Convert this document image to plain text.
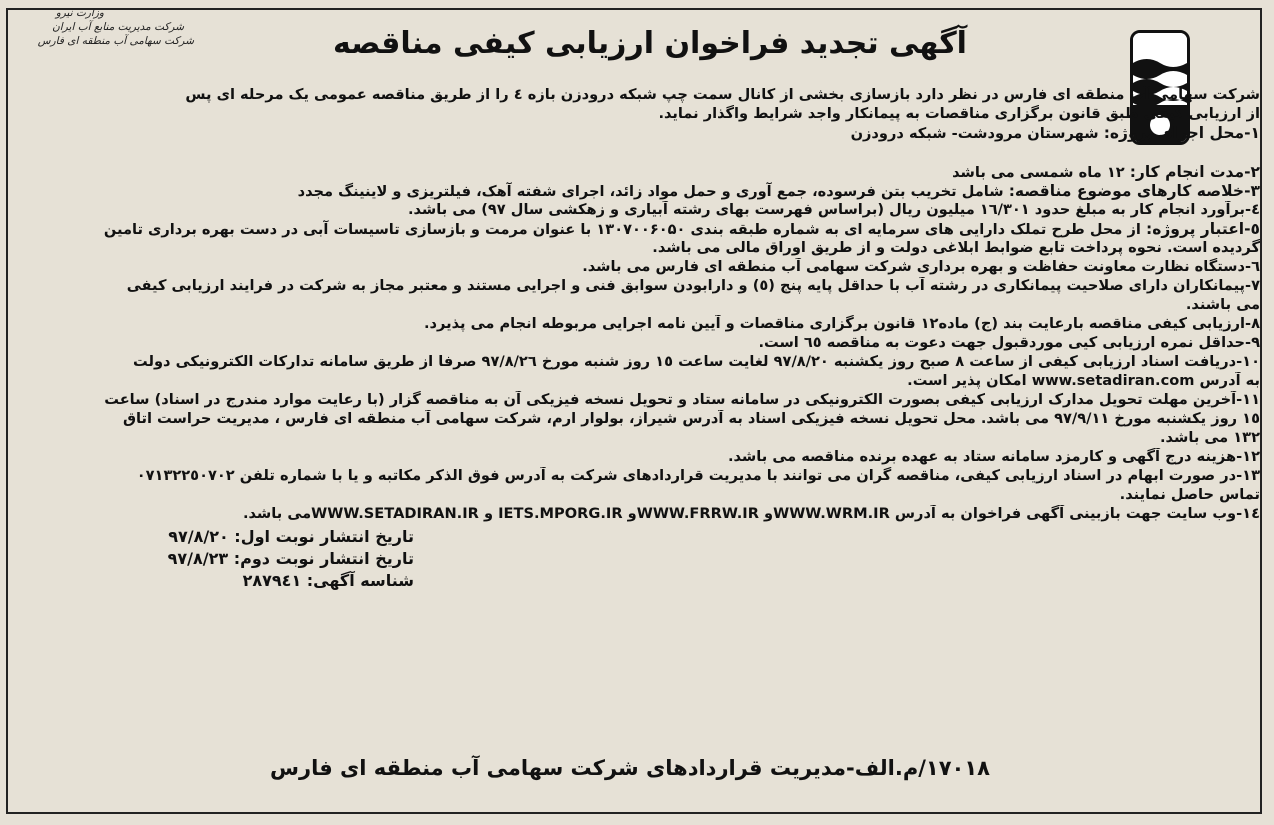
وزارت نیرو
شرکت مدیریت منابع آب ایران
شرکت سهامی آب منطقه ای فارس	آگهی تجدید فراخوان ارزیابی کیفی مناقصه
شرکت سهامی آب منطقه ای فارس در نظر دارد بازسازی بخشی از کانال سمت چپ شبکه درودزن بازه ٤ را از طریق مناقصه عمومی یک مرحله ای پس
از ارزیابی کیفی طبق قانون برگزاری مناقصات به پیمانکار واجد شرایط واگذار نماید.
۱-محل اجرای پروژه: شهرستان مرودشت- شبکه درودزن
۲-مدت انجام کار: ۱۲ ماه شمسی می باشد
۳-خلاصه کارهای موضوع مناقصه: شامل تخریب بتن فرسوده، جمع آوری و حمل مواد زائد، اجرای شفته آهک، فیلتریزی و لاینینگ مجدد
٤-برآورد انجام کار به مبلغ حدود ۱٦/۳۰۱ میلیون ریال (براساس فهرست بهای رشته آبیاری و زهکشی سال ۹۷) می باشد.
٥-اعتبار پروژه: از محل طرح تملک دارایی های سرمایه ای به شماره طبقه بندی ۱۳۰۷۰۰۶۰۵۰ با عنوان مرمت و بازسازی تاسیسات آبی در دست بهره برداری تامین
گردیده است. نحوه پرداخت تابع ضوابط ابلاغی دولت و از طریق اوراق مالی می باشد.
٦-دستگاه نظارت معاونت حفاظت و بهره برداری شرکت سهامی آب منطقه ای فارس می باشد.
۷-پیمانکاران دارای صلاحیت پیمانکاری در رشته آب با حداقل پایه پنج (٥) و دارابودن سوابق فنی و اجرایی مستند و معتبر مجاز به شرکت در فرایند ارزیابی کیفی
می باشند.
۸-ارزیابی کیفی مناقصه بارعایت بند (ج) ماده۱۲ قانون برگزاری مناقصات و آیین نامه اجرایی مربوطه انجام می پذیرد.
۹-حداقل نمره ارزیابی کیی موردقبول جهت دعوت به مناقصه ٦٥ است.
۱۰-دریافت اسناد ارزیابی کیفی از ساعت ۸ صبح روز یکشنبه ۹۷/۸/۲۰ لغایت ساعت ۱٥ روز شنبه مورخ ۹۷/۸/۲٦ صرفا از طریق سامانه تدارکات الکترونیکی دولت
به آدرس www.setadiran.com امکان پذیر است.
۱۱-آخرین مهلت تحویل مدارک ارزیابی کیفی بصورت الکترونیکی در سامانه ستاد و تحویل نسخه فیزیکی آن به مناقصه گزار (با رعایت موارد مندرج در اسناد) ساعت
۱٥ روز یکشنبه مورخ ۹۷/۹/۱۱ می باشد. محل تحویل نسخه فیزیکی اسناد به آدرس شیراز، بولوار ارم، شرکت سهامی آب منطقه ای فارس ، مدیریت حراست اتاق
۱۳۲ می باشد.
۱۲-هزینه درج آگهی و کارمزد سامانه ستاد به عهده برنده مناقصه می باشد.
۱۳-در صورت ابهام در اسناد ارزیابی کیفی، مناقصه گران می توانند با مدیریت قراردادهای شرکت به آدرس فوق الذکر مکاتبه و یا با شماره تلفن ۰۷۱۳۲۲٥۰۷۰۲
تماس حاصل نمایند.
۱٤-وب سایت جهت بازبینی آگهی فراخوان به آدرس WWW.WRM.IRو WWW.FRRW.IRو IETS.MPORG.IR و WWW.SETADIRAN.IRمی باشد.
تاریخ انتشار نوبت اول: ۹۷/۸/۲۰
تاریخ انتشار نوبت دوم: ۹۷/۸/۲۳
شناسه آگهی: ۲۸۷۹٤۱
۱۷۰۱۸/م.الف-مدیریت قراردادهای شرکت سهامی آب منطقه ای فارس
